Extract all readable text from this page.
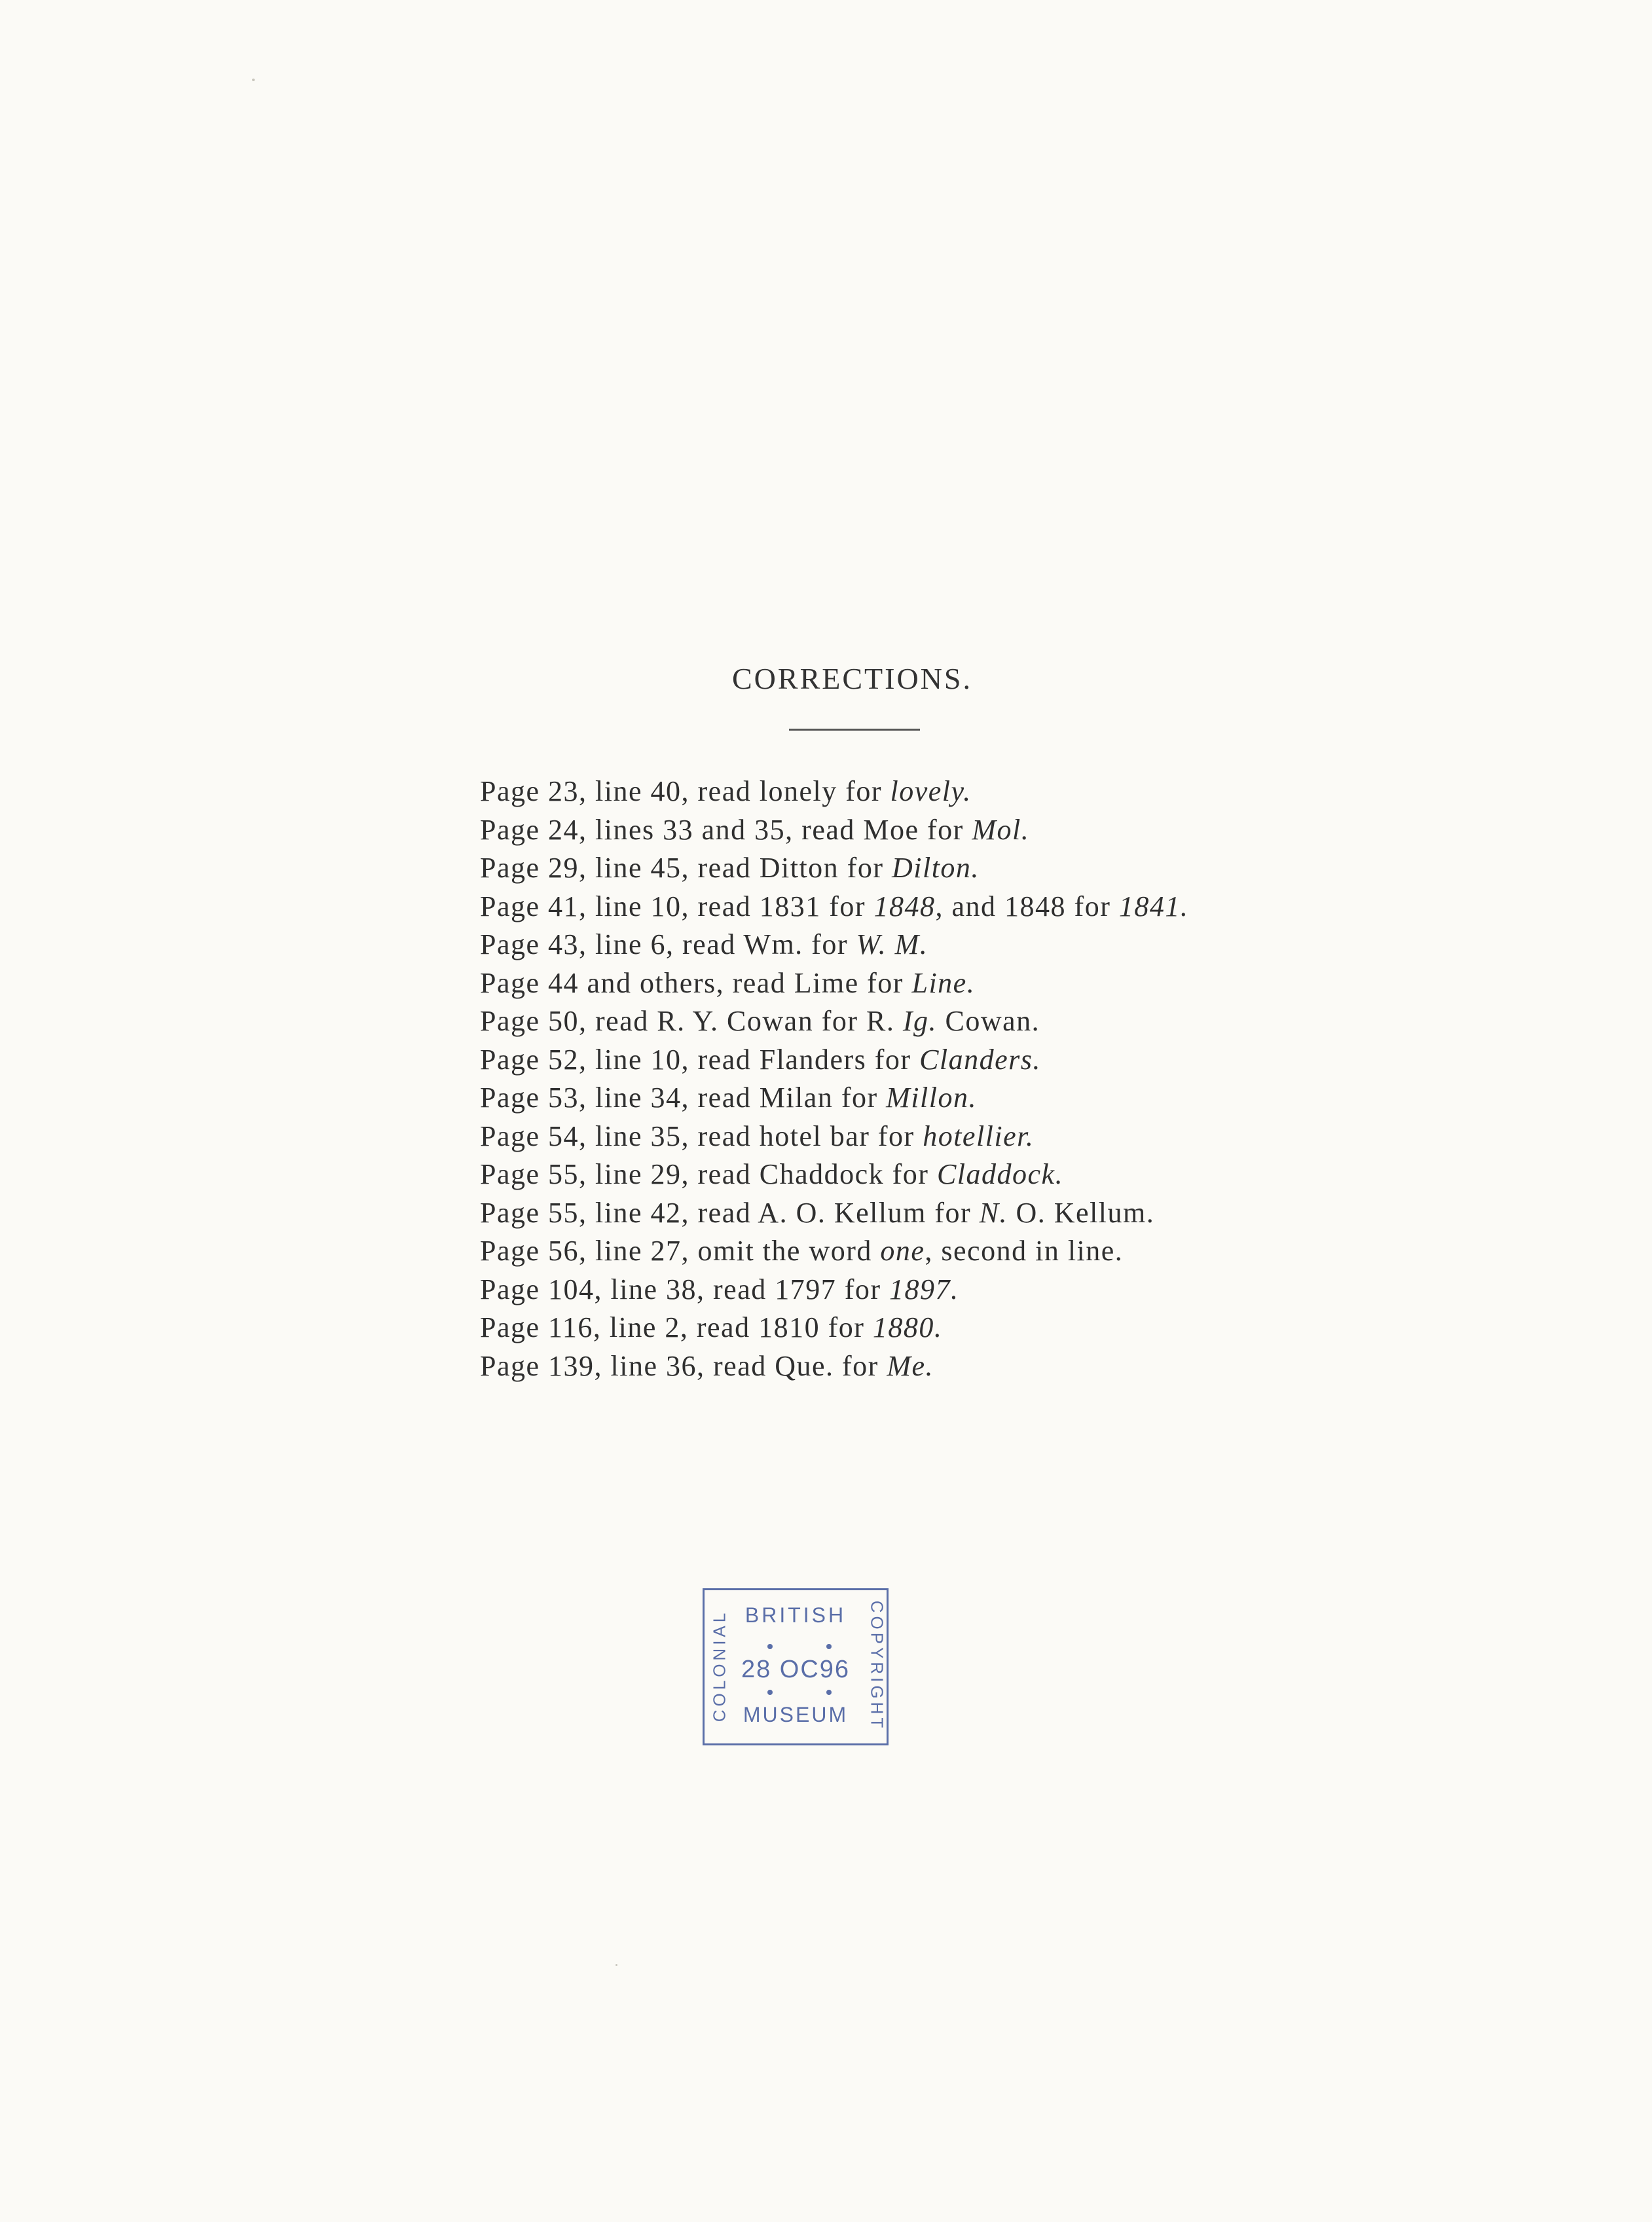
CORRECTIONS.
Page 23, line 40, read lonely for lovely.
Page 24, lines 33 and 35, read Moe for Mol.
Page 29, line 45, read Ditton for Dilton.
Page 41, line 10, read 1831 for 1848, and 1848 for 1841.
Page 43, line 6, read Wm. for W. M.
Page 44 and others, read Lime for Line.
Page 50, read R. Y. Cowan for R. Ig. Cowan.
Page 52, line 10, read Flanders for Clanders.
Page 53, line 34, read Milan for Millon.
Page 54, line 35, read hotel bar for hotellier.
Page 55, line 29, read Chaddock for Claddock.
Page 55, line 42, read A. O. Kellum for N. O. Kellum.
Page 56, line 27, omit the word one, second in line.
Page 104, line 38, read 1797 for 1897.
Page 116, line 2, read 1810 for 1880.
Page 139, line 36, read Que. for Me.
BRITISH
28 OC96
MUSEUM
COLONIAL	COPYRIGHT
